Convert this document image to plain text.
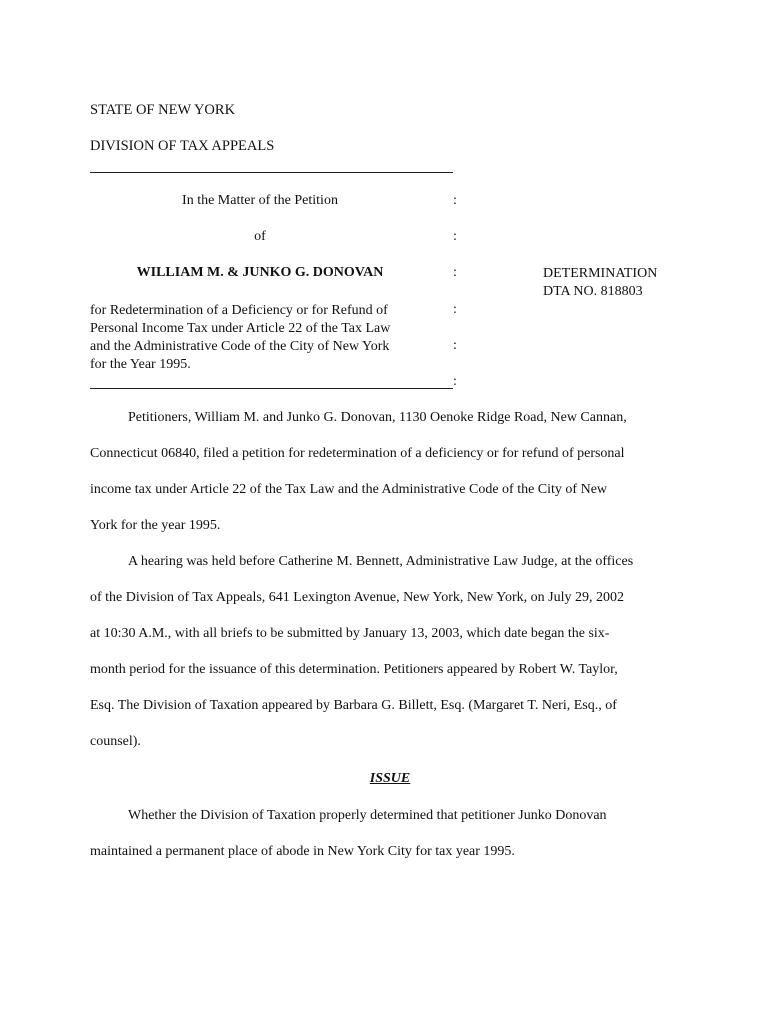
STATE OF NEW YORK
DIVISION OF TAX APPEALS
In the Matter of the Petition	:
of	:
WILLIAM M. & JUNKO G. DONOVAN	:	DETERMINATION
DTA NO. 818803
for Redetermination of a Deficiency or for Refund of
Personal Income Tax under Article 22 of the Tax Law
and the Administrative Code of the City of New York
for the Year 1995.
:
:
:
Petitioners, William M. and Junko G. Donovan, 1130 Oenoke Ridge Road, New Cannan,
Connecticut 06840, filed a petition for redetermination of a deficiency or for refund of personal
income tax under Article 22 of the Tax Law and the Administrative Code of the City of New
York for the year 1995.
A hearing was held before Catherine M. Bennett, Administrative Law Judge, at the offices
of the Division of Tax Appeals, 641 Lexington Avenue, New York, New York, on July 29, 2002
at 10:30 A.M., with all briefs to be submitted by January 13, 2003, which date began the six-
month period for the issuance of this determination. Petitioners appeared by Robert W. Taylor,
Esq. The Division of Taxation appeared by Barbara G. Billett, Esq. (Margaret T. Neri, Esq., of
counsel).
ISSUE
Whether the Division of Taxation properly determined that petitioner Junko Donovan
maintained a permanent place of abode in New York City for tax year 1995.
